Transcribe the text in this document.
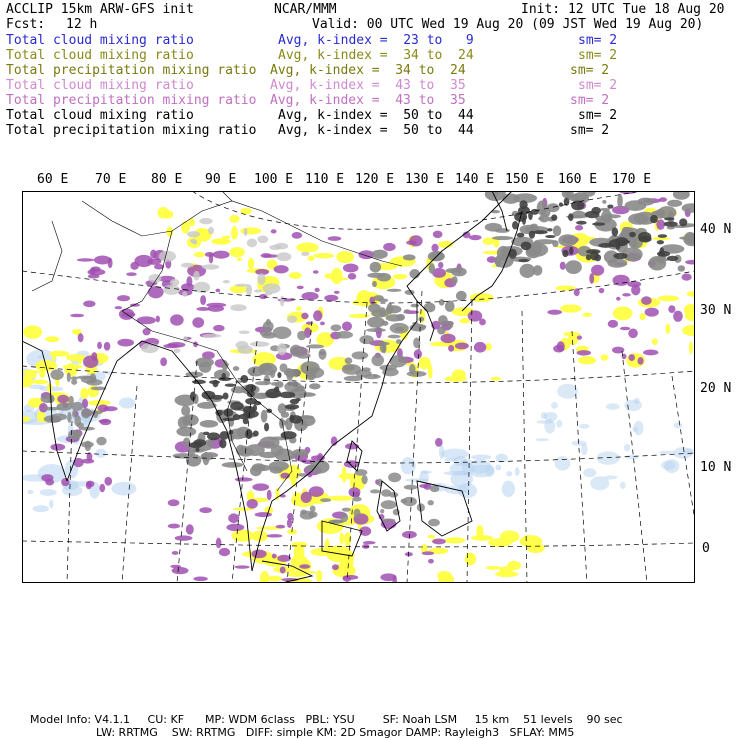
ACCLIP 15km ARW-GFS init	NCAR/MMM	Init: 12 UTC Tue 18 Aug 20
Fcst: 12 h	Valid: 00 UTC Wed 19 Aug 20 (09 JST Wed 19 Aug 20)
Total cloud mixing ratio	Avg, k-index =  23 to   9	sm= 2
Total cloud mixing ratio	Avg, k-index =  34 to  24	sm= 2
Total precipitation mixing ratio Avg, k-index =  34 to  24	sm= 2
Total cloud mixing ratio	Avg, k-index =  43 to  35	sm= 2
Total precipitation mixing ratio Avg, k-index =  43 to  35	sm= 2
Total cloud mixing ratio	Avg, k-index =  50 to  44	sm= 2
Total precipitation mixing ratio Avg, k-index =  50 to  44	sm= 2
60 E 70 E 80 E 90 E 100 E 110 E 120 E 130 E 140 E 150 E 160 E 170 E
40 N
30 N
20 N
10 N
0
Model Info: V4.1.1     CU: KF      MP: WDM 6class   PBL: YSU        SF: Noah LSM     15 km    51 levels    90 sec
LW: RRTMG    SW: RRTMG   DIFF: simple KM: 2D Smagor DAMP: Rayleigh3   SFLAY: MM5
